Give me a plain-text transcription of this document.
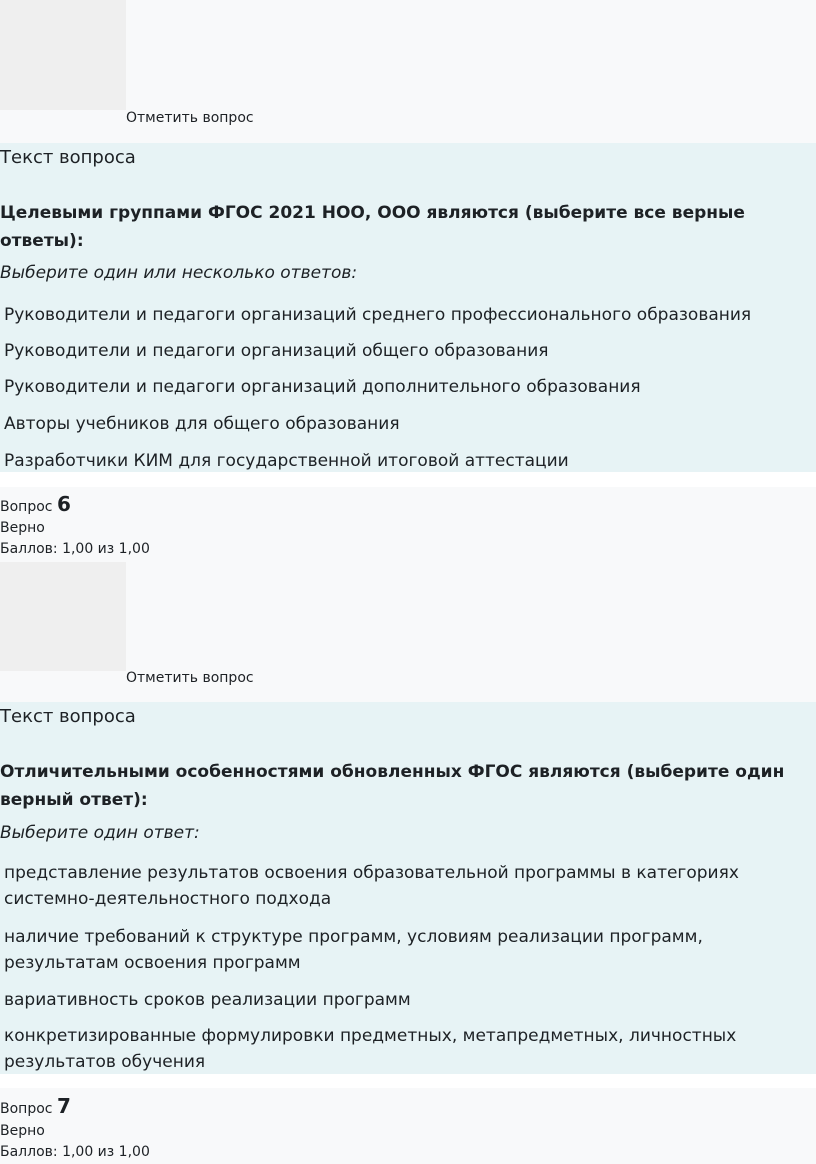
Отметить вопрос
Текст вопроса
Целевыми группами ФГОС 2021 НОО, ООО являются (выберите все верные ответы):
Выберите один или несколько ответов:
Руководители и педагоги организаций среднего профессионального образования
Руководители и педагоги организаций общего образования
Руководители и педагоги организаций дополнительного образования
Авторы учебников для общего образования
Разработчики КИМ для государственной итоговой аттестации
Вопрос 6
Верно
Баллов: 1,00 из 1,00
Отметить вопрос
Текст вопроса
Отличительными особенностями обновленных ФГОС являются (выберите один верный ответ):
Выберите один ответ:
представление результатов освоения образовательной программы в категориях системно-деятельностного подхода
наличие требований к структуре программ, условиям реализации программ, результатам освоения программ
вариативность сроков реализации программ
конкретизированные формулировки предметных, метапредметных, личностных результатов обучения
Вопрос 7
Верно
Баллов: 1,00 из 1,00
